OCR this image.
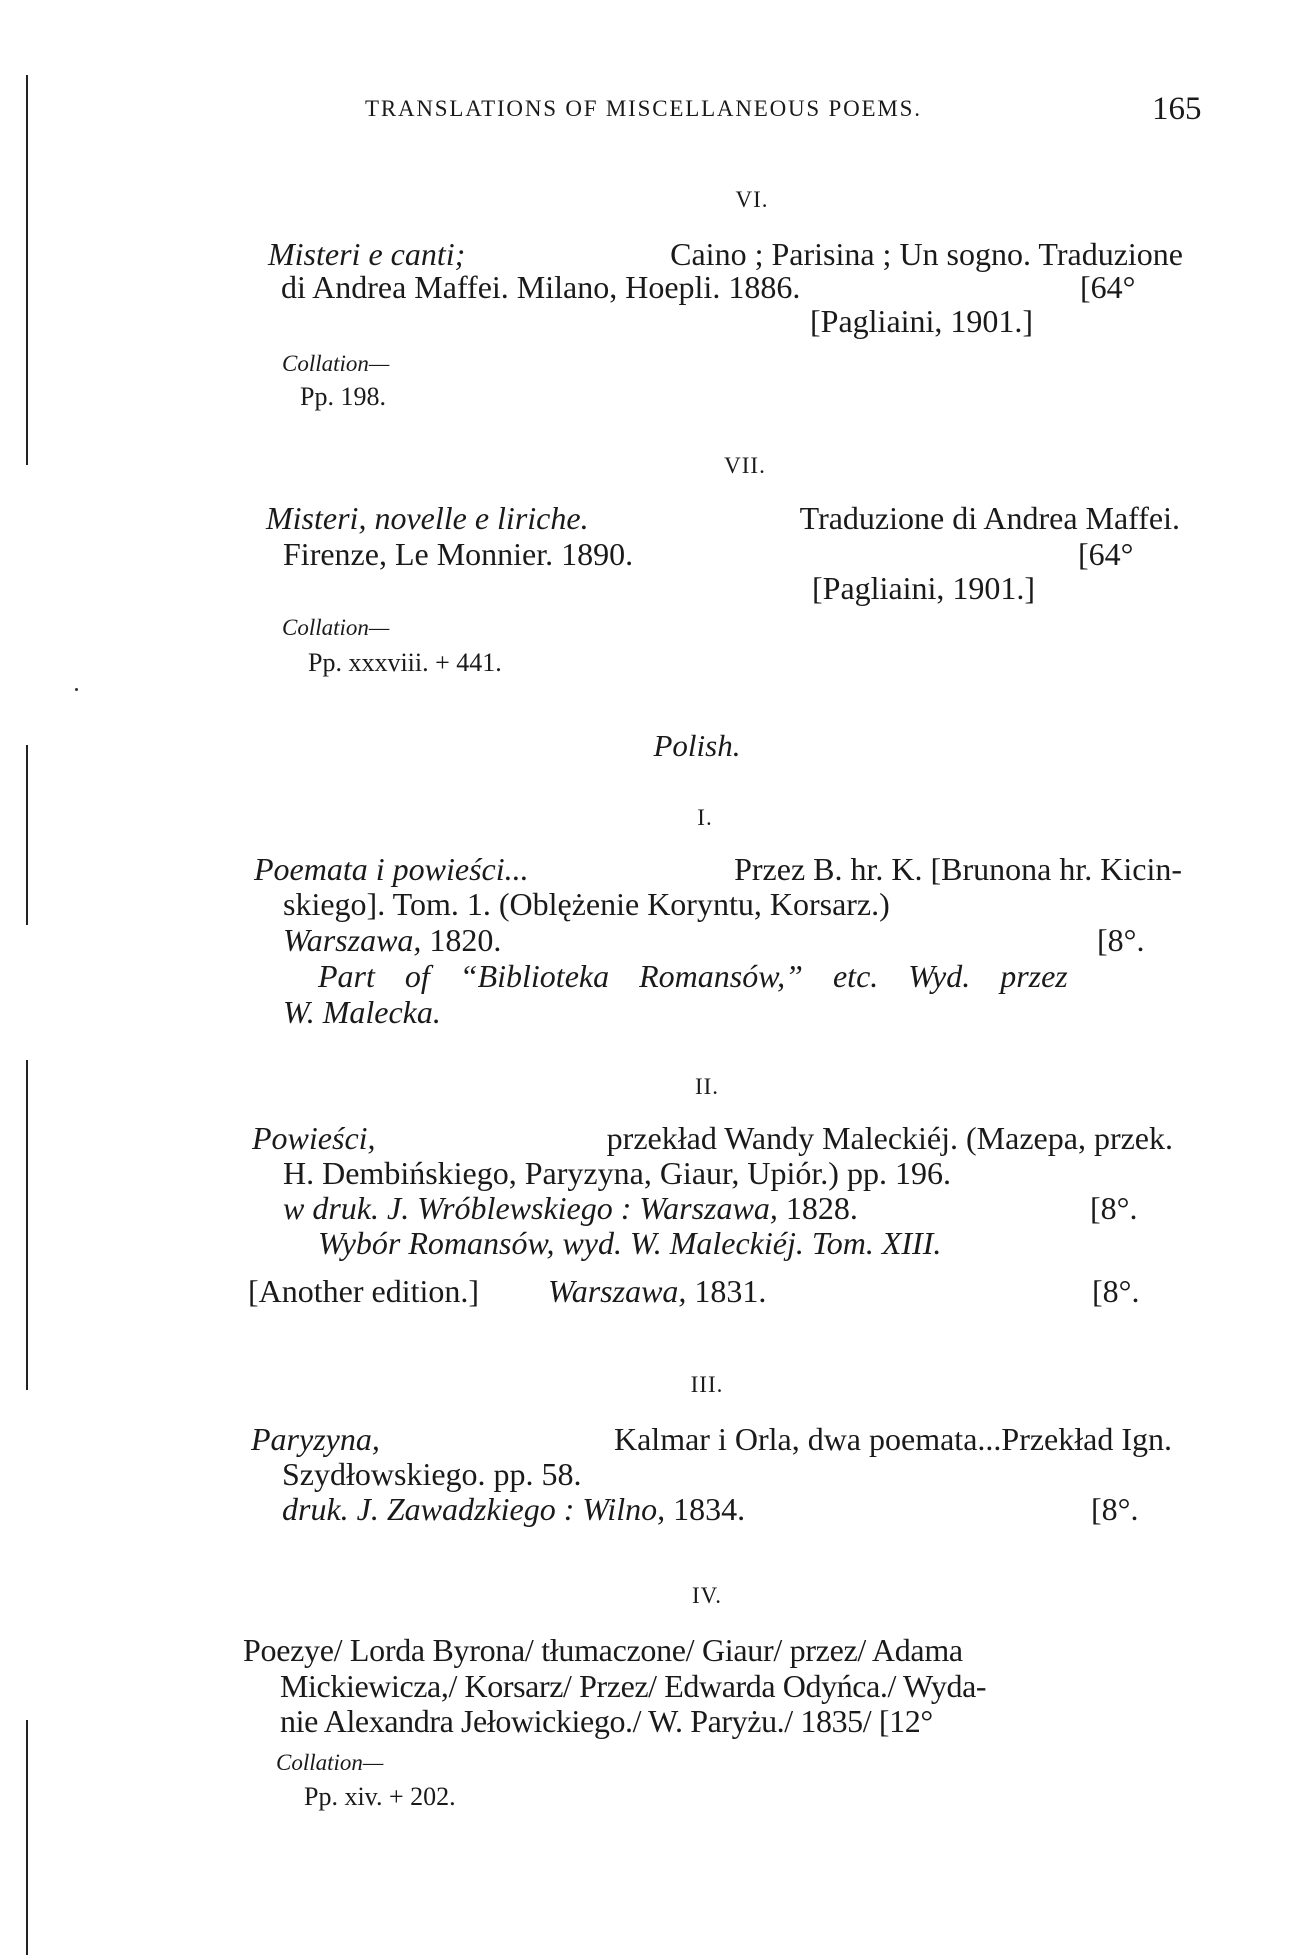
TRANSLATIONS OF MISCELLANEOUS POEMS.	165
VI.
Misteri e canti;	Caino ; Parisina ; Un sogno. Traduzione
di Andrea Maffei. Milano, Hoepli. 1886.	[64°
[Pagliaini, 1901.]
Collation—
Pp. 198.
VII.
Misteri, novelle e liriche.	Traduzione di Andrea Maffei.
Firenze, Le Monnier. 1890.	[64°
[Pagliaini, 1901.]
Collation—
Pp. xxxviii. + 441.
Polish.
I.
Poemata i powieści...	Przez B. hr. K. [Brunona hr. Kicin-
skiego]. Tom. 1. (Oblężenie Koryntu, Korsarz.)
Warszawa, 1820.	[8°.
Part of “Biblioteka Romansów,” etc. Wyd. przez
W. Malecka.
II.
Powieści,	przekład Wandy Maleckiéj. (Mazepa, przek.
H. Dembińskiego, Paryzyna, Giaur, Upiór.) pp. 196.
w druk. J. Wróblewskiego : Warszawa, 1828.	[8°.
Wybór Romansów, wyd. W. Maleckiéj. Tom. XIII.
[Another edition.] Warszawa, 1831.	[8°.
III.
Paryzyna,	Kalmar i Orla, dwa poemata...Przekład Ign.
Szydłowskiego. pp. 58.
druk. J. Zawadzkiego : Wilno, 1834.	[8°.
IV.
Poezye/ Lorda Byrona/ tłumaczone/ Giaur/ przez/ Adama
Mickiewicza,/ Korsarz/ Przez/ Edwarda Odyńca./ Wyda-
nie Alexandra Jełowickiego./ W. Paryżu./ 1835/ [12°
Collation—
Pp. xiv. + 202.
